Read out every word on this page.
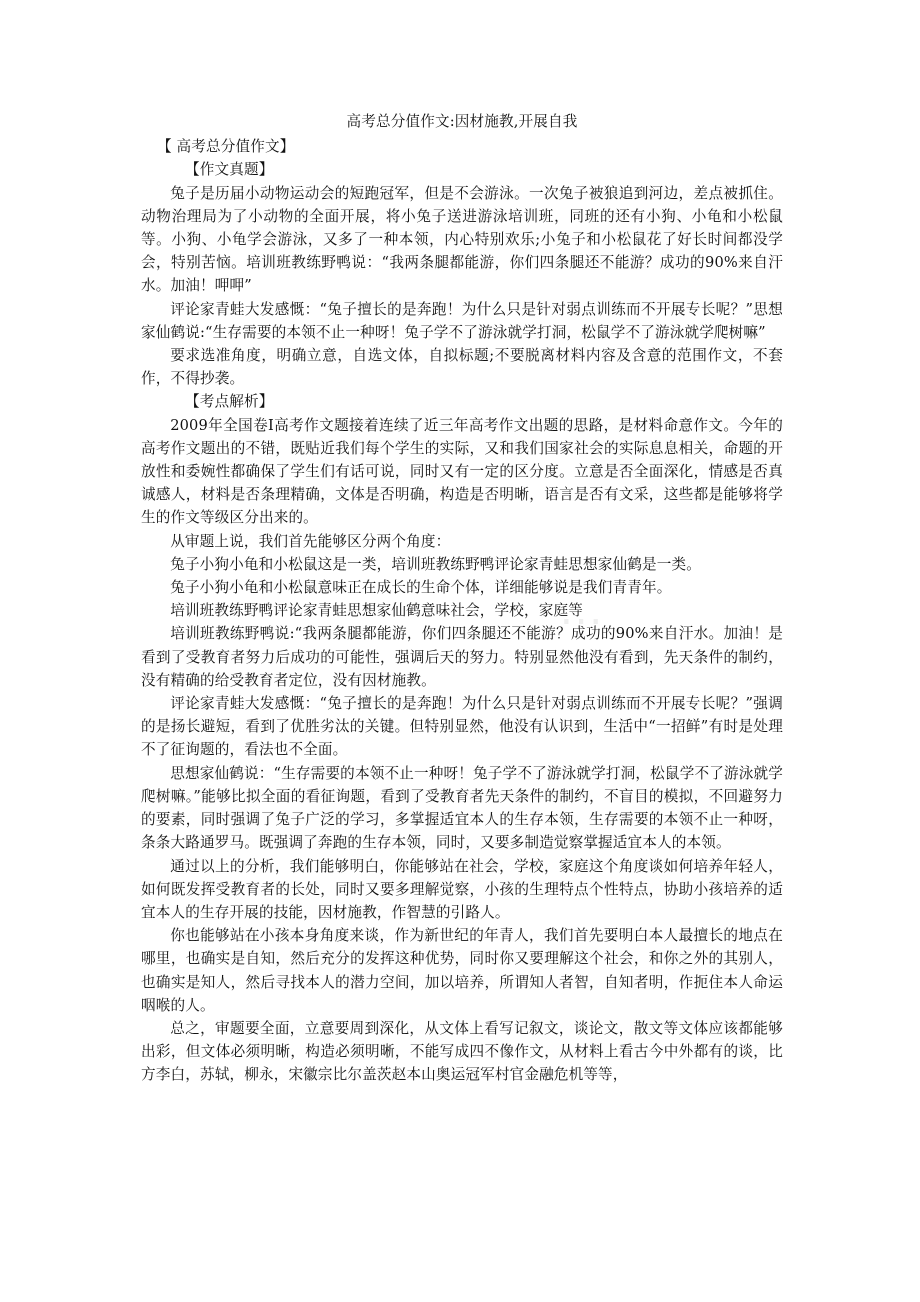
高考总分值作文:因材施教,开展自我
【 高考总分值作文】
【作文真题】

兔子是历届小动物运动会的短跑冠军，但是不会游泳。一次兔子被狼追到河边，差点被抓住。动物治理局为了小动物的全面开展，将小兔子送进游泳培训班，同班的还有小狗、小龟和小松鼠等。小狗、小龟学会游泳，又多了一种本领，内心特别欢乐;小兔子和小松鼠花了好长时间都没学会，特别苦恼。培训班教练野鸭说：“我两条腿都能游，你们四条腿还不能游？成功的90%来自汗水。加油！呷呷”

评论家青蛙大发感慨：“兔子擅长的是奔跑！为什么只是针对弱点训练而不开展专长呢？”思想家仙鹤说:“生存需要的本领不止一种呀！兔子学不了游泳就学打洞，松鼠学不了游泳就学爬树嘛”

要求选准角度，明确立意，自选文体，自拟标题;不要脱离材料内容及含意的范围作文，不套作，不得抄袭。

【考点解析】

2009年全国卷Ⅰ高考作文题接着连续了近三年高考作文出题的思路，是材料命意作文。今年的高考作文题出的不错，既贴近我们每个学生的实际，又和我们国家社会的实际息息相关，命题的开放性和委婉性都确保了学生们有话可说，同时又有一定的区分度。立意是否全面深化，情感是否真诚感人，材料是否条理精确，文体是否明确，构造是否明晰，语言是否有文采，这些都是能够将学生的作文等级区分出来的。

从审题上说，我们首先能够区分两个角度：

兔子小狗小龟和小松鼠这是一类，培训班教练野鸭评论家青蛙思想家仙鹤是一类。

兔子小狗小龟和小松鼠意味正在成长的生命个体，详细能够说是我们青青年。

培训班教练野鸭评论家青蛙思想家仙鹤意味社会，学校，家庭等

培训班教练野鸭说:“我两条腿都能游，你们四条腿还不能游？成功的90%来自汗水。加油！是看到了受教育者努力后成功的可能性，强调后天的努力。特别显然他没有看到，先天条件的制约，没有精确的给受教育者定位，没有因材施教。

评论家青蛙大发感慨：“兔子擅长的是奔跑！为什么只是针对弱点训练而不开展专长呢？”强调的是扬长避短，看到了优胜劣汰的关键。但特别显然，他没有认识到，生活中“一招鲜”有时是处理不了征询题的，看法也不全面。

思想家仙鹤说：“生存需要的本领不止一种呀！兔子学不了游泳就学打洞，松鼠学不了游泳就学爬树嘛。”能够比拟全面的看征询题，看到了受教育者先天条件的制约，不盲目的模拟，不回避努力的要素，同时强调了兔子广泛的学习，多掌握适宜本人的生存本领，生存需要的本领不止一种呀，条条大路通罗马。既强调了奔跑的生存本领，同时，又要多制造觉察掌握适宜本人的本领。

通过以上的分析，我们能够明白，你能够站在社会，学校，家庭这个角度谈如何培养年轻人，如何既发挥受教育者的长处，同时又要多理解觉察，小孩的生理特点个性特点，协助小孩培养的适宜本人的生存开展的技能，因材施教，作智慧的引路人。

你也能够站在小孩本身角度来谈，作为新世纪的年青人，我们首先要明白本人最擅长的地点在哪里，也确实是自知，然后充分的发挥这种优势，同时你又要理解这个社会，和你之外的其别人，也确实是知人，然后寻找本人的潜力空间，加以培养，所谓知人者智，自知者明，作扼住本人命运咽喉的人。

总之，审题要全面，立意要周到深化，从文体上看写记叙文，谈论文，散文等文体应该都能够出彩，但文体必须明晰，构造必须明晰，不能写成四不像作文，从材料上看古今中外都有的谈，比方李白，苏轼，柳永，宋徽宗比尔盖茨赵本山奥运冠军村官金融危机等等，

...
